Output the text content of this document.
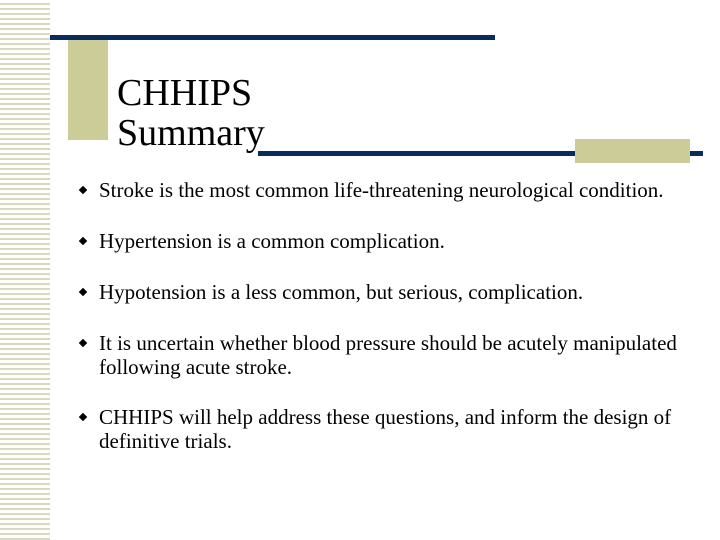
CHHIPS
Summary
Stroke is the most common life-threatening neurological condition.
Hypertension is a common complication.
Hypotension is a less common, but serious, complication.
It is uncertain whether blood pressure should be acutely manipulated following acute stroke.
CHHIPS will help address these questions, and inform the design of definitive trials.
